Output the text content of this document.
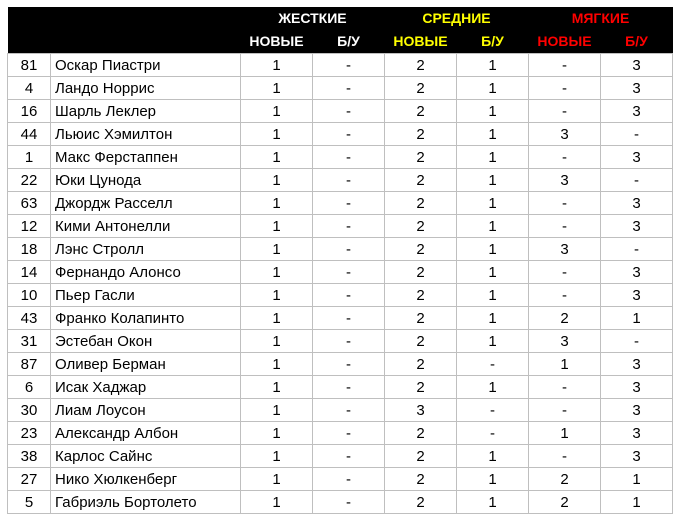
		ЖЕСТКИЕ		СРЕДНИЕ		МЯГКИЕ	
		НОВЫЕ	Б/У	НОВЫЕ	Б/У	НОВЫЕ	Б/У
81	Оскар Пиастри	1	-	2	1	-	3
4	Ландо Норрис	1	-	2	1	-	3
16	Шарль Леклер	1	-	2	1	-	3
44	Льюис Хэмилтон	1	-	2	1	3	-
1	Макс Ферстаппен	1	-	2	1	-	3
22	Юки Цунода	1	-	2	1	3	-
63	Джордж Расселл	1	-	2	1	-	3
12	Кими Антонелли	1	-	2	1	-	3
18	Лэнс Стролл	1	-	2	1	3	-
14	Фернандо Алонсо	1	-	2	1	-	3
10	Пьер Гасли	1	-	2	1	-	3
43	Франко Колапинто	1	-	2	1	2	1
31	Эстебан Окон	1	-	2	1	3	-
87	Оливер Берман	1	-	2	-	1	3
6	Исак Хаджар	1	-	2	1	-	3
30	Лиам Лоусон	1	-	3	-	-	3
23	Александр Албон	1	-	2	-	1	3
38	Карлос Сайнс	1	-	2	1	-	3
27	Нико Хюлкенберг	1	-	2	1	2	1
5	Габриэль Бортолето	1	-	2	1	2	1
